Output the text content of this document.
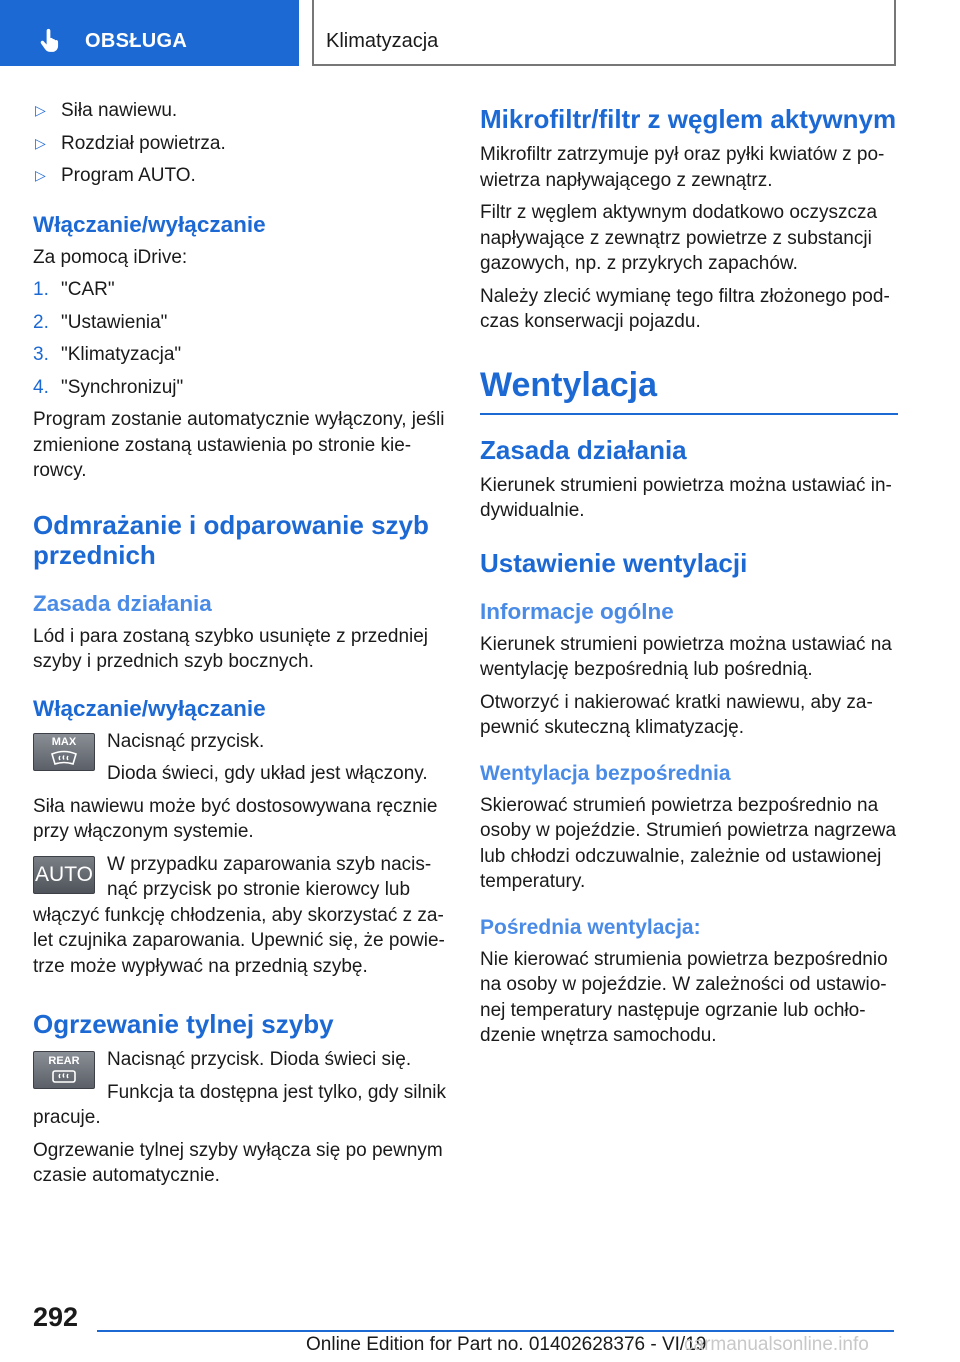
OBSŁUGA	Klimatyzacja
▷ Siła nawiewu.
▷ Rozdział powietrza.
▷ Program AUTO.
Włączanie/wyłączanie

Za pomocą iDrive:

1. "CAR"
2. "Ustawienia"
3. "Klimatyzacja"
4. "Synchronizuj"

Program zostanie automatycznie wyłączony, jeśli zmienione zostaną ustawienia po stronie kierowcy.

Odmrażanie i odparowanie szyb przednich
Zasada działania

Lód i para zostaną szybko usunięte z przedniej szyby i przednich szyb bocznych.

Włączanie/wyłączanie
MAX Nacisnąć przycisk.

Dioda świeci, gdy układ jest włączony.

Siła nawiewu może być dostosowywana ręcznie przy włączonym systemie.

AUTO W przypadku zaparowania szyb nacisnąć przycisk po stronie kierowcy lub

włączyć funkcję chłodzenia, aby skorzystać z zalet czujnika zaparowania. Upewnić się, że powietrze może wypływać na przednią szybę.

Ogrzewanie tylnej szyby
REAR Nacisnąć przycisk. Dioda świeci się.

Funkcja ta dostępna jest tylko, gdy silnik

pracuje.

Ogrzewanie tylnej szyby wyłącza się po pewnym czasie automatycznie.

Mikrofiltr/filtr z węglem aktywnym

Mikrofiltr zatrzymuje pył oraz pyłki kwiatów z powietrza napływającego z zewnątrz.

Filtr z węglem aktywnym dodatkowo oczyszcza napływające z zewnątrz powietrze z substancji gazowych, np. z przykrych zapachów.

Należy zlecić wymianę tego filtra złożonego podczas konserwacji pojazdu.

Wentylacja
Zasada działania

Kierunek strumieni powietrza można ustawiać indywidualnie.

Ustawienie wentylacji
Informacje ogólne

Kierunek strumieni powietrza można ustawiać na wentylację bezpośrednią lub pośrednią.

Otworzyć i nakierować kratki nawiewu, aby zapewnić skuteczną klimatyzację.

Wentylacja bezpośrednia

Skierować strumień powietrza bezpośrednio na osoby w pojeździe. Strumień powietrza nagrzewa lub chłodzi odczuwalnie, zależnie od ustawionej temperatury.

Pośrednia wentylacja:

Nie kierować strumienia powietrza bezpośrednio na osoby w pojeździe. W zależności od ustawionej temperatury następuje ogrzanie lub ochłodzenie wnętrza samochodu.

292
Online Edition for Part no. 01402628376 - VI/19
carmanualsonline.info
